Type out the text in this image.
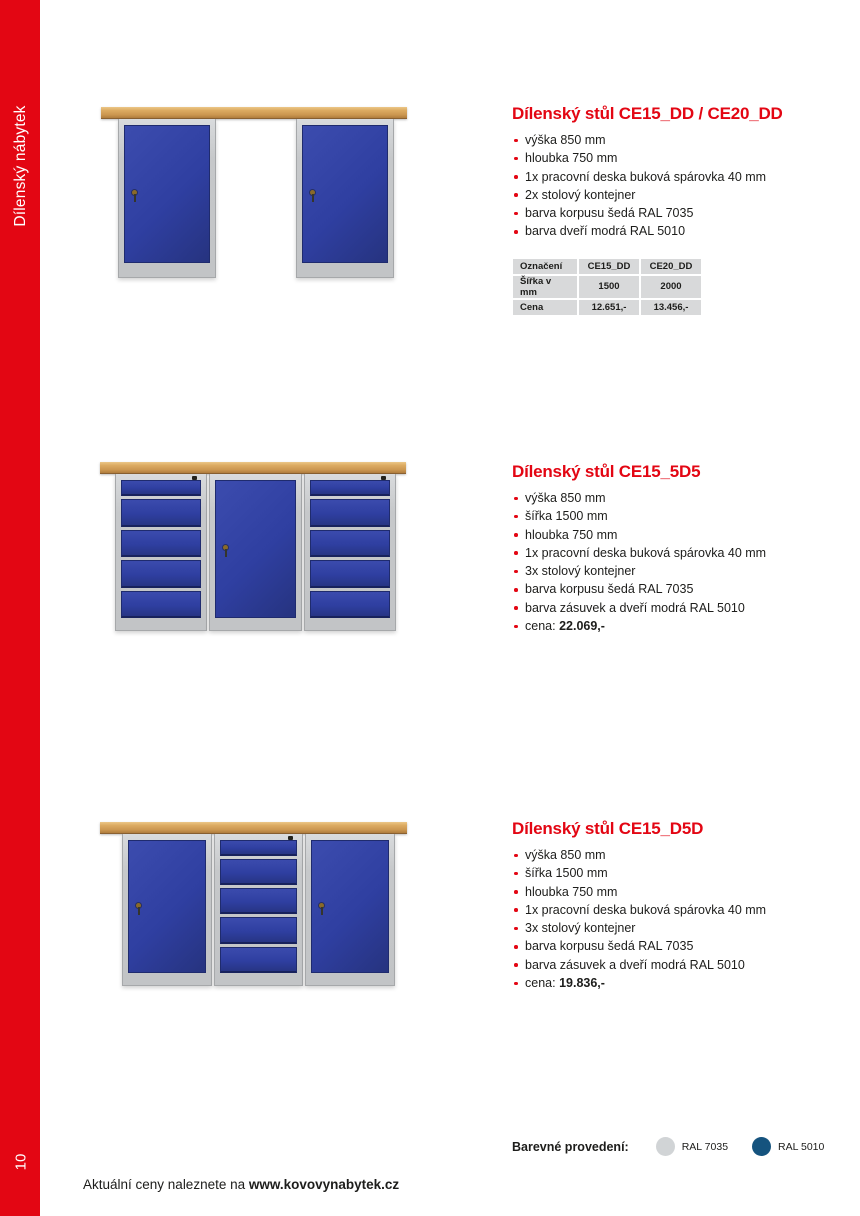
Dílenský nábytek
10
Dílenský stůl CE15_DD / CE20_DD
výška 850 mm
hloubka 750 mm
1x pracovní deska buková spárovka 40 mm
2x stolový kontejner
barva korpusu šedá RAL 7035
barva dveří modrá RAL 5010
Označení	CE15_DD	CE20_DD
Šířka v mm	1500	2000
Cena	12.651,-	13.456,-
Dílenský stůl CE15_5D5
výška 850 mm
šířka 1500 mm
hloubka 750 mm
1x pracovní deska buková spárovka 40 mm
3x stolový kontejner
barva korpusu šedá RAL 7035
barva zásuvek a dveří modrá RAL 5010
cena: 22.069,-
Dílenský stůl CE15_D5D
výška 850 mm
šířka 1500 mm
hloubka 750 mm
1x pracovní deska buková spárovka 40 mm
3x stolový kontejner
barva korpusu šedá RAL 7035
barva zásuvek a dveří modrá RAL 5010
cena: 19.836,-
Barevné provedení:	RAL 7035	RAL 5010
Aktuální ceny naleznete na www.kovovynabytek.cz
